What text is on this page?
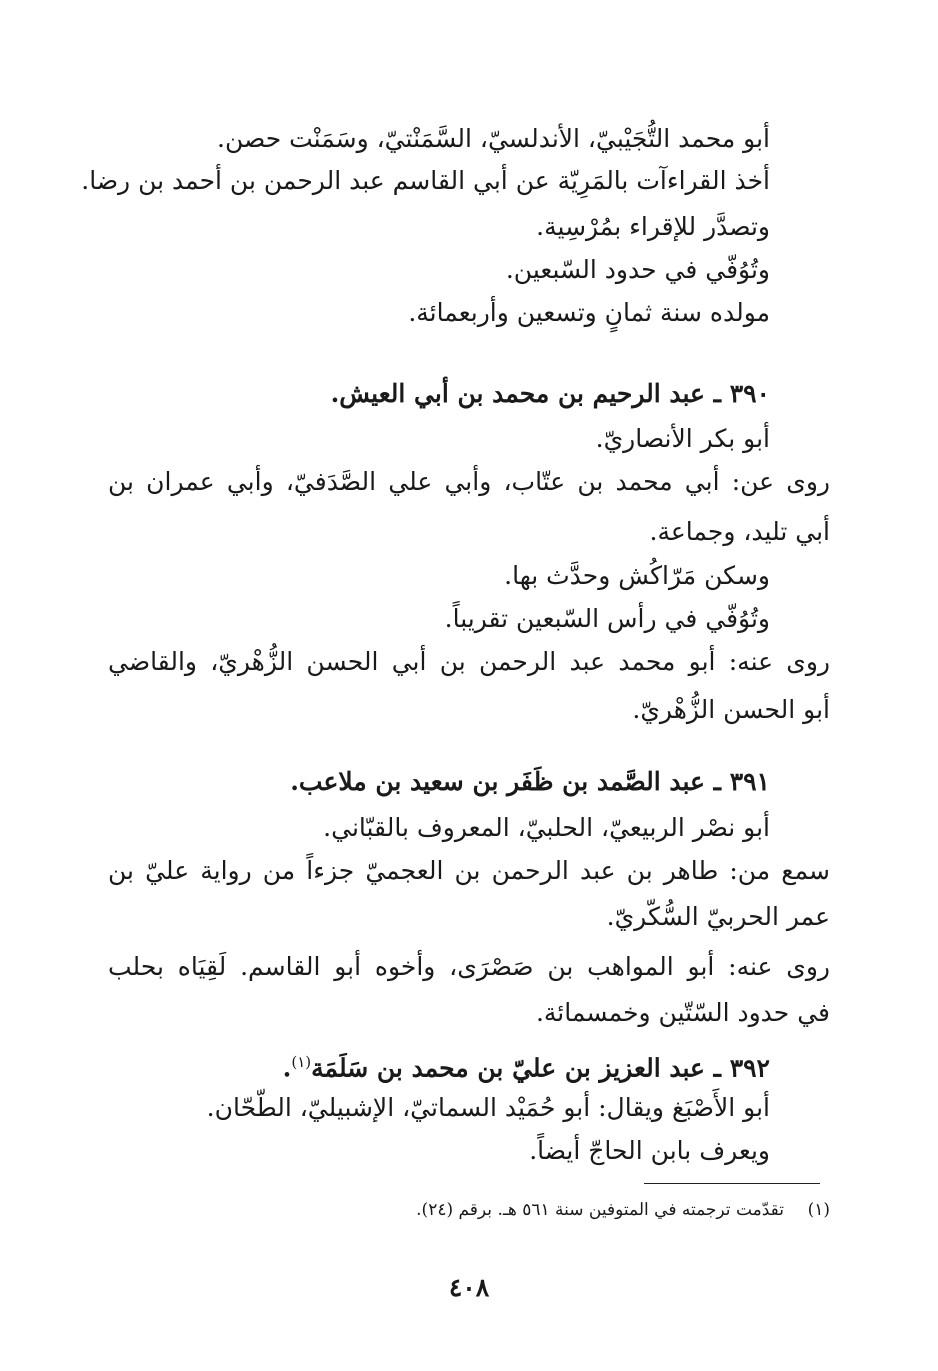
أبو محمد التُّجَيْبيّ، الأندلسيّ، السَّمَنْتيّ، وسَمَنْت حصن.
أخذ القراءآت بالمَرِيّة عن أبي القاسم عبد الرحمن بن أحمد بن رضا.
وتصدَّر للإقراء بمُرْسِية.
وتُوُفّي في حدود السّبعين.
مولده سنة ثمانٍ وتسعين وأربعمائة.
٣٩٠ ـ عبد الرحيم بن محمد بن أبي العيش.
أبو بكر الأنصاريّ.
روى عن: أبي محمد بن عتّاب، وأبي علي الصَّدَفيّ، وأبي عمران بن
أبي تليد، وجماعة.
وسكن مَرّاكُش وحدَّث بها.
وتُوُفّي في رأس السّبعين تقريباً.
روى عنه: أبو محمد عبد الرحمن بن أبي الحسن الزُّهْريّ، والقاضي
أبو الحسن الزُّهْريّ.
٣٩١ ـ عبد الصَّمد بن ظَفَر بن سعيد بن ملاعب.
أبو نصْر الربيعيّ، الحلبيّ، المعروف بالقبّاني.
سمع من: طاهر بن عبد الرحمن بن العجميّ جزءاً من رواية عليّ بن
عمر الحربيّ السُّكّريّ.
روى عنه: أبو المواهب بن صَصْرَى، وأخوه أبو القاسم. لَقِيَاه بحلب
في حدود السّتّين وخمسمائة.
٣٩٢ ـ عبد العزيز بن عليّ بن محمد بن سَلَمَة$^{(١)}$.
أبو الأَصْبَغ ويقال: أبو حُمَيْد السماتيّ، الإشبيليّ، الطّحّان.
ويعرف بابن الحاجّ أيضاً.
(١)تقدّمت ترجمته في المتوفين سنة ٥٦١ هـ. برقم (٢٤).
٤٠٨
